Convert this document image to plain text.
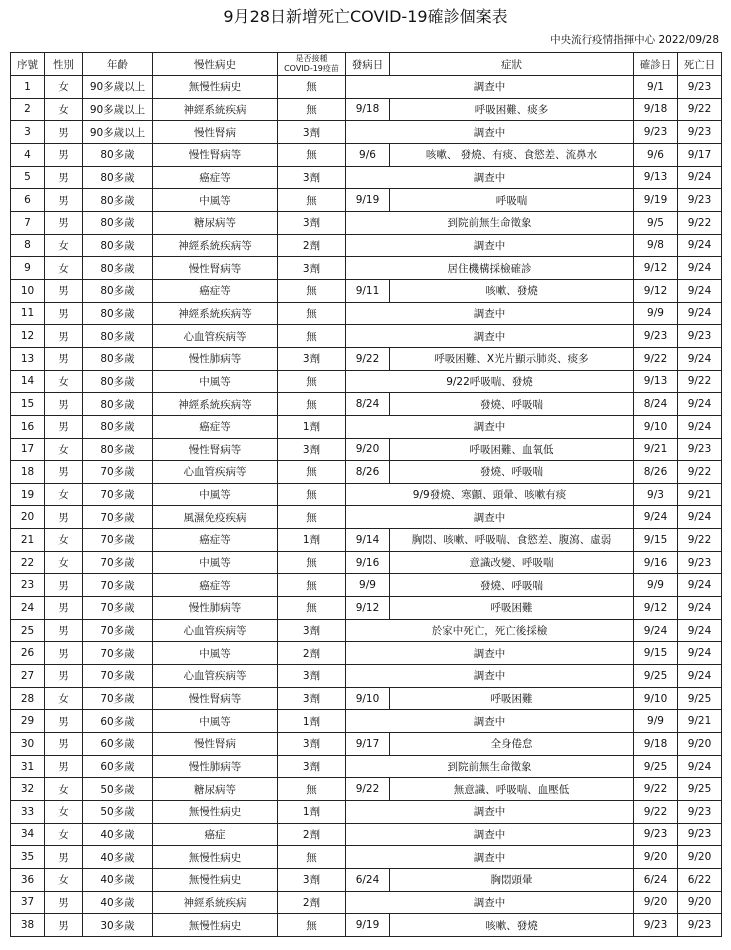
9月28日新增死亡COVID-19確診個案表
中央流行疫情指揮中心 2022/09/28
序號	性別	年齡	慢性病史	是否接種
COVID-19疫苗	發病日	症狀	確診日	死亡日
1	女	90多歲以上	無慢性病史	無	調查中		9/1	9/23
2	女	90多歲以上	神經系統疾病	無	9/18	呼吸困難、痰多	9/18	9/22
3	男	90多歲以上	慢性腎病	3劑	調查中		9/23	9/23
4	男	80多歲	慢性腎病等	無	9/6	咳嗽、 發燒、有痰、食慾差、流鼻水	9/6	9/17
5	男	80多歲	癌症等	3劑	調查中		9/13	9/24
6	男	80多歲	中風等	無	9/19	呼吸喘	9/19	9/23
7	男	80多歲	糖尿病等	3劑	到院前無生命徵象		9/5	9/22
8	女	80多歲	神經系統疾病等	2劑	調查中		9/8	9/24
9	女	80多歲	慢性腎病等	3劑	居住機構採檢確診		9/12	9/24
10	男	80多歲	癌症等	無	9/11	咳嗽、發燒	9/12	9/24
11	男	80多歲	神經系統疾病等	無	調查中		9/9	9/24
12	男	80多歲	心血管疾病等	無	調查中		9/23	9/23
13	男	80多歲	慢性肺病等	3劑	9/22	呼吸困難、X光片顯示肺炎、痰多	9/22	9/24
14	女	80多歲	中風等	無	9/22呼吸喘、發燒		9/13	9/22
15	男	80多歲	神經系統疾病等	無	8/24	發燒、呼吸喘	8/24	9/24
16	男	80多歲	癌症等	1劑	調查中		9/10	9/24
17	女	80多歲	慢性腎病等	3劑	9/20	呼吸困難、血氧低	9/21	9/23
18	男	70多歲	心血管疾病等	無	8/26	發燒、呼吸喘	8/26	9/22
19	女	70多歲	中風等	無	9/9發燒、寒顫、頭暈、咳嗽有痰		9/3	9/21
20	男	70多歲	風濕免疫疾病	無	調查中		9/24	9/24
21	女	70多歲	癌症等	1劑	9/14	胸悶、咳嗽、呼吸喘、食慾差、腹瀉、虛弱	9/15	9/22
22	女	70多歲	中風等	無	9/16	意識改變、呼吸喘	9/16	9/23
23	男	70多歲	癌症等	無	9/9	發燒、呼吸喘	9/9	9/24
24	男	70多歲	慢性肺病等	無	9/12	呼吸困難	9/12	9/24
25	男	70多歲	心血管疾病等	3劑	於家中死亡，死亡後採檢		9/24	9/24
26	男	70多歲	中風等	2劑	調查中		9/15	9/24
27	男	70多歲	心血管疾病等	3劑	調查中		9/25	9/24
28	女	70多歲	慢性腎病等	3劑	9/10	呼吸困難	9/10	9/25
29	男	60多歲	中風等	1劑	調查中		9/9	9/21
30	男	60多歲	慢性腎病	3劑	9/17	全身倦怠	9/18	9/20
31	男	60多歲	慢性肺病等	3劑	到院前無生命徵象		9/25	9/24
32	女	50多歲	糖尿病等	無	9/22	無意識、呼吸喘、血壓低	9/22	9/25
33	女	50多歲	無慢性病史	1劑	調查中		9/22	9/23
34	女	40多歲	癌症	2劑	調查中		9/23	9/23
35	男	40多歲	無慢性病史	無	調查中		9/20	9/20
36	女	40多歲	無慢性病史	3劑	6/24	胸悶頭暈	6/24	6/22
37	男	40多歲	神經系統疾病	2劑	調查中		9/20	9/20
38	男	30多歲	無慢性病史	無	9/19	咳嗽、發燒	9/23	9/23
